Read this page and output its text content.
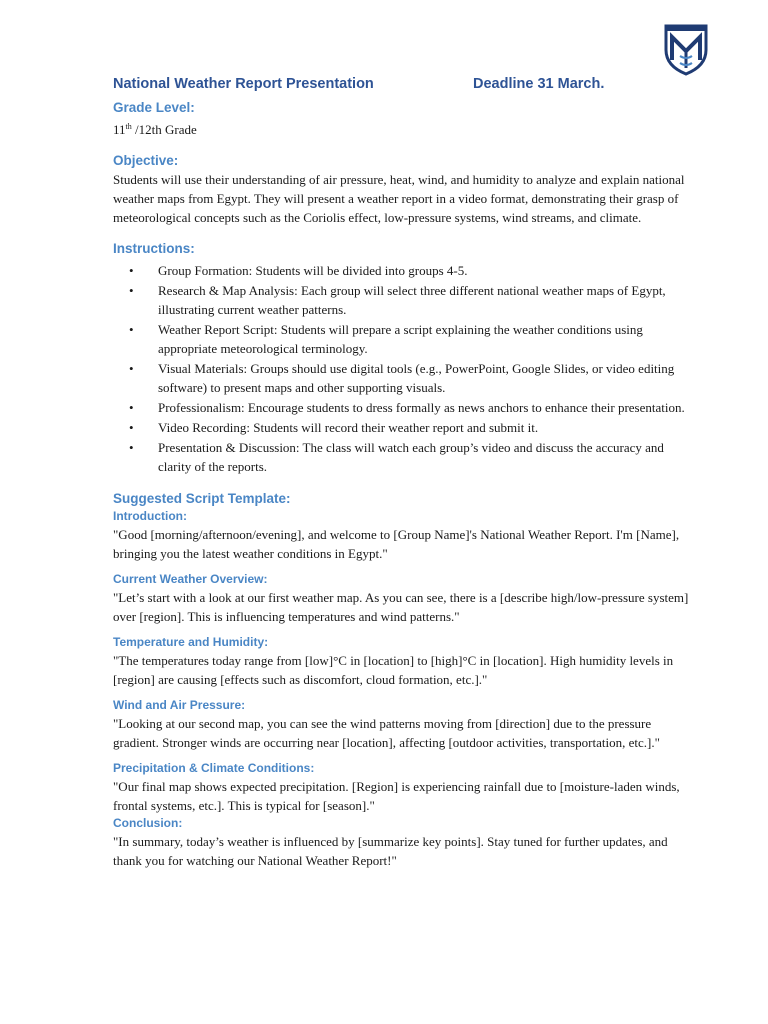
National Weather Report Presentation	Deadline 31 March.
Grade Level:

11th /12th Grade

Objective:

Students will use their understanding of air pressure, heat, wind, and humidity to analyze and explain national weather maps from Egypt. They will present a weather report in a video format, demonstrating their grasp of meteorological concepts such as the Coriolis effect, low-pressure systems, wind streams, and climate.

Instructions:
• Group Formation: Students will be divided into groups 4-5.
• Research & Map Analysis: Each group will select three different national weather maps of Egypt, illustrating current weather patterns.
• Weather Report Script: Students will prepare a script explaining the weather conditions using appropriate meteorological terminology.
• Visual Materials: Groups should use digital tools (e.g., PowerPoint, Google Slides, or video editing software) to present maps and other supporting visuals.
• Professionalism: Encourage students to dress formally as news anchors to enhance their presentation.
• Video Recording: Students will record their weather report and submit it.
• Presentation & Discussion: The class will watch each group’s video and discuss the accuracy and clarity of the reports.
Suggested Script Template:
Introduction:

"Good [morning/afternoon/evening], and welcome to [Group Name]'s National Weather Report. I'm [Name], bringing you the latest weather conditions in Egypt."

Current Weather Overview:

"Let’s start with a look at our first weather map. As you can see, there is a [describe high/low-pressure system] over [region]. This is influencing temperatures and wind patterns."

Temperature and Humidity:

"The temperatures today range from [low]°C in [location] to [high]°C in [location]. High humidity levels in [region] are causing [effects such as discomfort, cloud formation, etc.]."

Wind and Air Pressure:

"Looking at our second map, you can see the wind patterns moving from [direction] due to the pressure gradient. Stronger winds are occurring near [location], affecting [outdoor activities, transportation, etc.]."

Precipitation & Climate Conditions:

"Our final map shows expected precipitation. [Region] is experiencing rainfall due to [moisture-laden winds, frontal systems, etc.]. This is typical for [season]."

Conclusion:

"In summary, today’s weather is influenced by [summarize key points]. Stay tuned for further updates, and thank you for watching our National Weather Report!"
